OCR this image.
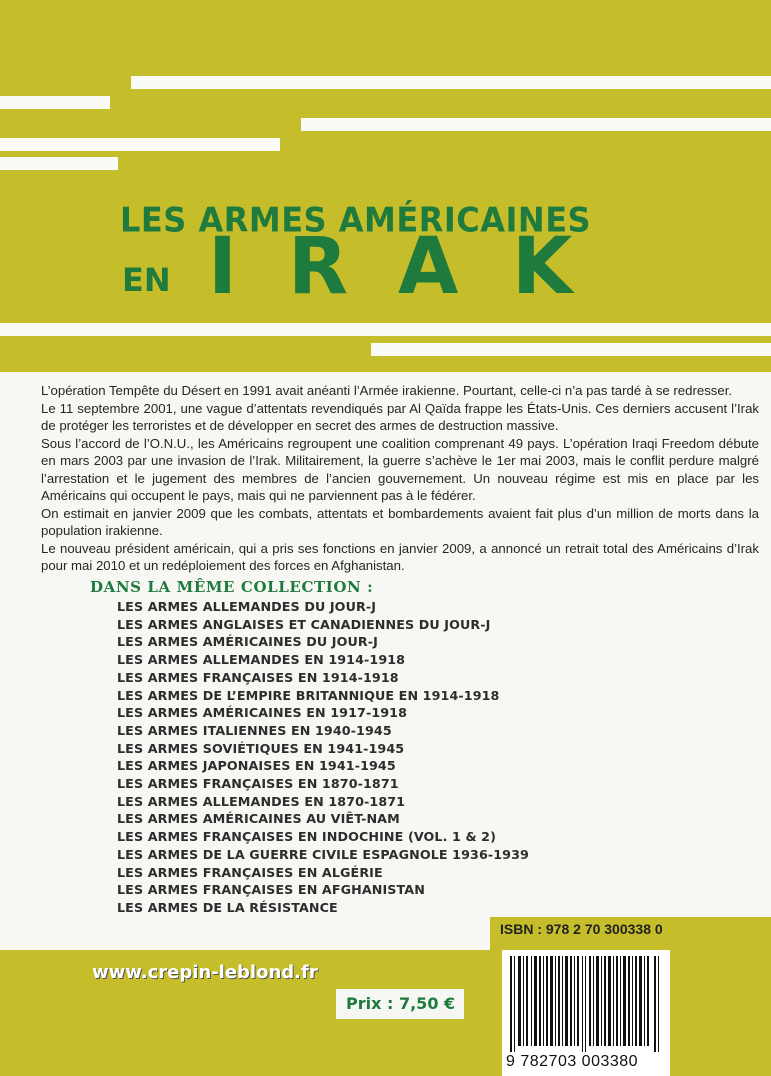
LES ARMES AMÉRICAINES
EN I R A K

L’opération Tempête du Désert en 1991 avait anéanti l’Armée irakienne. Pourtant, celle-ci n’a pas tardé à se redresser.

Le 11 septembre 2001, une vague d’attentats revendiqués par Al Qaïda frappe les États-Unis. Ces derniers accusent l’Irak de protéger les terroristes et de développer en secret des armes de destruction massive.

Sous l’accord de l’O.N.U., les Américains regroupent une coalition comprenant 49 pays. L’opération Iraqi Freedom débute en mars 2003 par une invasion de l’Irak. Militairement, la guerre s’achève le 1er mai 2003, mais le conflit perdure malgré l’arrestation et le jugement des membres de l’ancien gouvernement. Un nouveau régime est mis en place par les Américains qui occupent le pays, mais qui ne parviennent pas à le fédérer.

On estimait en janvier 2009 que les combats, attentats et bombardements avaient fait plus d’un million de morts dans la population irakienne.

Le nouveau président américain, qui a pris ses fonctions en janvier 2009, a annoncé un retrait total des Américains d’Irak pour mai 2010 et un redéploiement des forces en Afghanistan.

DANS LA MÊME COLLECTION :
LES ARMES ALLEMANDES DU JOUR-J
LES ARMES ANGLAISES ET CANADIENNES DU JOUR-J
LES ARMES AMÉRICAINES DU JOUR-J
LES ARMES ALLEMANDES EN 1914-1918
LES ARMES FRANÇAISES EN 1914-1918
LES ARMES DE L’EMPIRE BRITANNIQUE EN 1914-1918
LES ARMES AMÉRICAINES EN 1917-1918
LES ARMES ITALIENNES EN 1940-1945
LES ARMES SOVIÉTIQUES EN 1941-1945
LES ARMES JAPONAISES EN 1941-1945
LES ARMES FRANÇAISES EN 1870-1871
LES ARMES ALLEMANDES EN 1870-1871
LES ARMES AMÉRICAINES AU VIÊT-NAM
LES ARMES FRANÇAISES EN INDOCHINE (VOL. 1 & 2)
LES ARMES DE LA GUERRE CIVILE ESPAGNOLE 1936-1939
LES ARMES FRANÇAISES EN ALGÉRIE
LES ARMES FRANÇAISES EN AFGHANISTAN
LES ARMES DE LA RÉSISTANCE
ISBN : 978 2 70 300338 0
www.crepin-leblond.fr
Prix : 7,50 €
9 782703 003380
